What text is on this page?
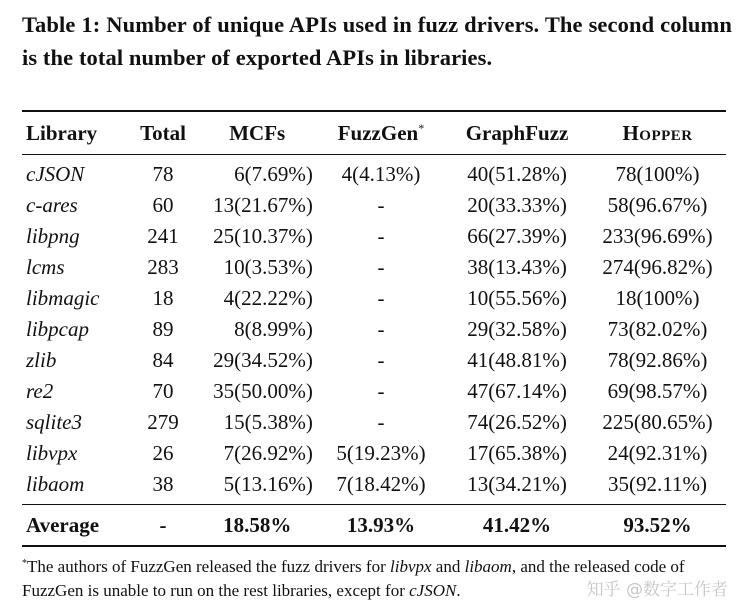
Table 1: Number of unique APIs used in fuzz drivers. The second column is the total number of exported APIs in libraries.
Library	Total	MCFs	FuzzGen*	GraphFuzz	Hopper
cJSON	78	6(7.69%)	4(4.13%)	40(51.28%)	78(100%)
c-ares	60	13(21.67%)	-	20(33.33%)	58(96.67%)
libpng	241	25(10.37%)	-	66(27.39%)	233(96.69%)
lcms	283	10(3.53%)	-	38(13.43%)	274(96.82%)
libmagic	18	4(22.22%)	-	10(55.56%)	18(100%)
libpcap	89	8(8.99%)	-	29(32.58%)	73(82.02%)
zlib	84	29(34.52%)	-	41(48.81%)	78(92.86%)
re2	70	35(50.00%)	-	47(67.14%)	69(98.57%)
sqlite3	279	15(5.38%)	-	74(26.52%)	225(80.65%)
libvpx	26	7(26.92%)	5(19.23%)	17(65.38%)	24(92.31%)
libaom	38	5(13.16%)	7(18.42%)	13(34.21%)	35(92.11%)
Average	-	18.58%	13.93%	41.42%	93.52%
*The authors of FuzzGen released the fuzz drivers for libvpx and libaom, and the released code of FuzzGen is unable to run on the rest libraries, except for cJSON.	知乎 @数字工作者
